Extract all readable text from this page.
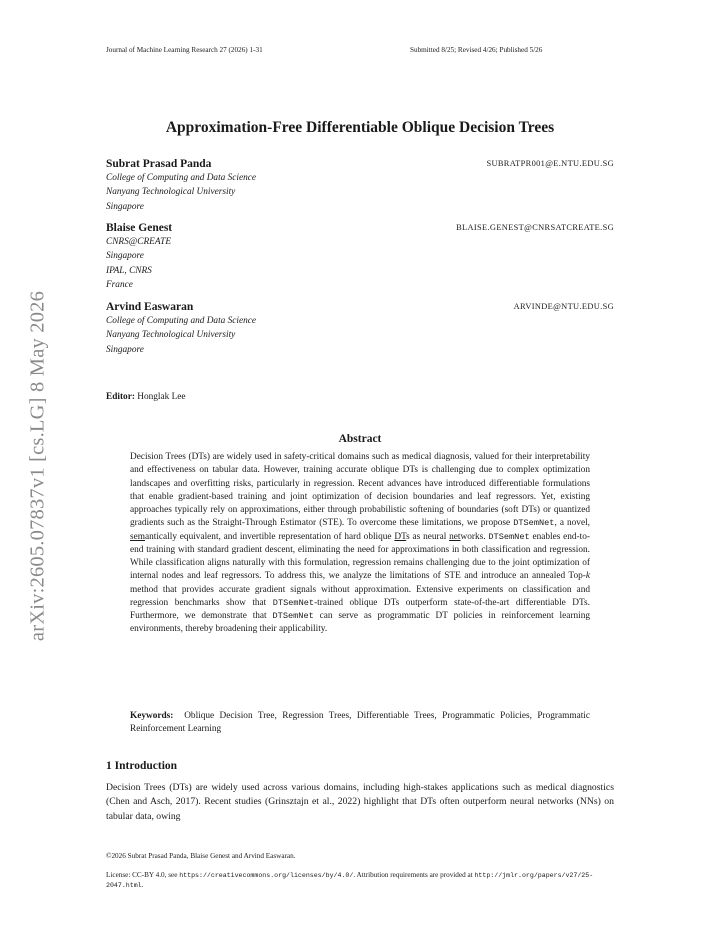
Journal of Machine Learning Research 27 (2026) 1-31	Submitted 8/25; Revised 4/26; Published 5/26
Approximation-Free Differentiable Oblique Decision Trees
Subrat Prasad Panda	SUBRATPR001@E.NTU.EDU.SG
College of Computing and Data Science
Nanyang Technological University
Singapore
Blaise Genest	BLAISE.GENEST@CNRSATCREATE.SG
CNRS@CREATE
Singapore
IPAL, CNRS
France
Arvind Easwaran	ARVINDE@NTU.EDU.SG
College of Computing and Data Science
Nanyang Technological University
Singapore
Editor: Honglak Lee
Abstract

Decision Trees (DTs) are widely used in safety-critical domains such as medical diagnosis, valued for their interpretability and effectiveness on tabular data. However, training accurate oblique DTs is challenging due to complex optimization landscapes and overfitting risks, particularly in regression. Recent advances have introduced differentiable formulations that enable gradient-based training and joint optimization of decision boundaries and leaf regressors. Yet, existing approaches typically rely on approximations, either through probabilistic softening of boundaries (soft DTs) or quantized gradients such as the Straight-Through Estimator (STE). To overcome these limitations, we propose DTSemNet, a novel, semantically equivalent, and invertible representation of hard oblique DTs as neural networks. DTSemNet enables end-to-end training with standard gradient descent, eliminating the need for approximations in both classification and regression. While classification aligns naturally with this formulation, regression remains challenging due to the joint optimization of internal nodes and leaf regressors. To address this, we analyze the limitations of STE and introduce an annealed Top-k method that provides accurate gradient signals without approximation. Extensive experiments on classification and regression benchmarks show that DTSemNet-trained oblique DTs outperform state-of-the-art differentiable DTs. Furthermore, we demonstrate that DTSemNet can serve as programmatic DT policies in reinforcement learning environments, thereby broadening their applicability.

Keywords: Oblique Decision Tree, Regression Trees, Differentiable Trees, Programmatic Policies, Programmatic Reinforcement Learning

1 Introduction

Decision Trees (DTs) are widely used across various domains, including high-stakes applications such as medical diagnostics (Chen and Asch, 2017). Recent studies (Grinsztajn et al., 2022) highlight that DTs often outperform neural networks (NNs) on tabular data, owing

©2026 Subrat Prasad Panda, Blaise Genest and Arvind Easwaran.
License: CC-BY 4.0, see https://creativecommons.org/licenses/by/4.0/. Attribution requirements are provided at http://jmlr.org/papers/v27/25-2047.html.
arXiv:2605.07837v1 [cs.LG] 8 May 2026
